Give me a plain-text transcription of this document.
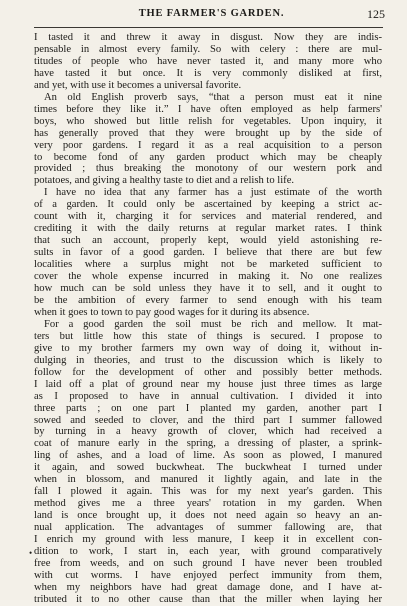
THE FARMER'S GARDEN.	125
I tasted it and threw it away in disgust. Now they are indis-
pensable in almost every family. So with celery : there are mul-
titudes of people who have never tasted it, and many more who
have tasted it but once. It is very commonly disliked at first,
and yet, with use it becomes a universal favorite.
An old English proverb says, “that a person must eat it nine
times before they like it.” I have often employed as help farmers'
boys, who showed but little relish for vegetables. Upon inquiry, it
has generally proved that they were brought up by the side of
very poor gardens. I regard it as a real acquisition to a person
to become fond of any garden product which may be cheaply
provided ; thus breaking the monotony of our western pork and
potatoes, and giving a healthy taste to diet and a relish to life.
I have no idea that any farmer has a just estimate of the worth
of a garden. It could only be ascertained by keeping a strict ac-
count with it, charging it for services and material rendered, and
crediting it with the daily returns at regular market rates. I think
that such an account, properly kept, would yield astonishing re-
sults in favor of a good garden. I believe that there are but few
localities where a surplus might not be marketed sufficient to
cover the whole expense incurred in making it. No one realizes
how much can be sold unless they have it to sell, and it ought to
be the ambition of every farmer to send enough with his team
when it goes to town to pay good wages for it during its absence.
For a good garden the soil must be rich and mellow. It mat-
ters but little how this state of things is secured. I propose to
give to my brother farmers my own way of doing it, without in-
dulging in theories, and trust to the discussion which is likely to
follow for the development of other and possibly better methods.
I laid off a plat of ground near my house just three times as large
as I proposed to have in annual cultivation. I divided it into
three parts ; on one part I planted my garden, another part I
sowed and seeded to clover, and the third part I summer fallowed
by turning in a heavy growth of clover, which had received a
coat of manure early in the spring, a dressing of plaster, a sprink-
ling of ashes, and a load of lime. As soon as plowed, I manured
it again, and sowed buckwheat. The buckwheat I turned under
when in blossom, and manured it lightly again, and late in the
fall I plowed it again. This was for my next year's garden. This
method gives me a three years' rotation in my garden. When
land is once brought up, it does not need again so heavy an an-
nual application. The advantages of summer fallowing are, that
I enrich my ground with less manure, I keep it in excellent con-
dition to work, I start in, each year, with ground comparatively
free from weeds, and on such ground I have never been troubled
with cut worms. I have enjoyed perfect immunity from them,
when my neighbors have had great damage done, and I have at-
tributed it to no other cause than that the miller when laying her
•
